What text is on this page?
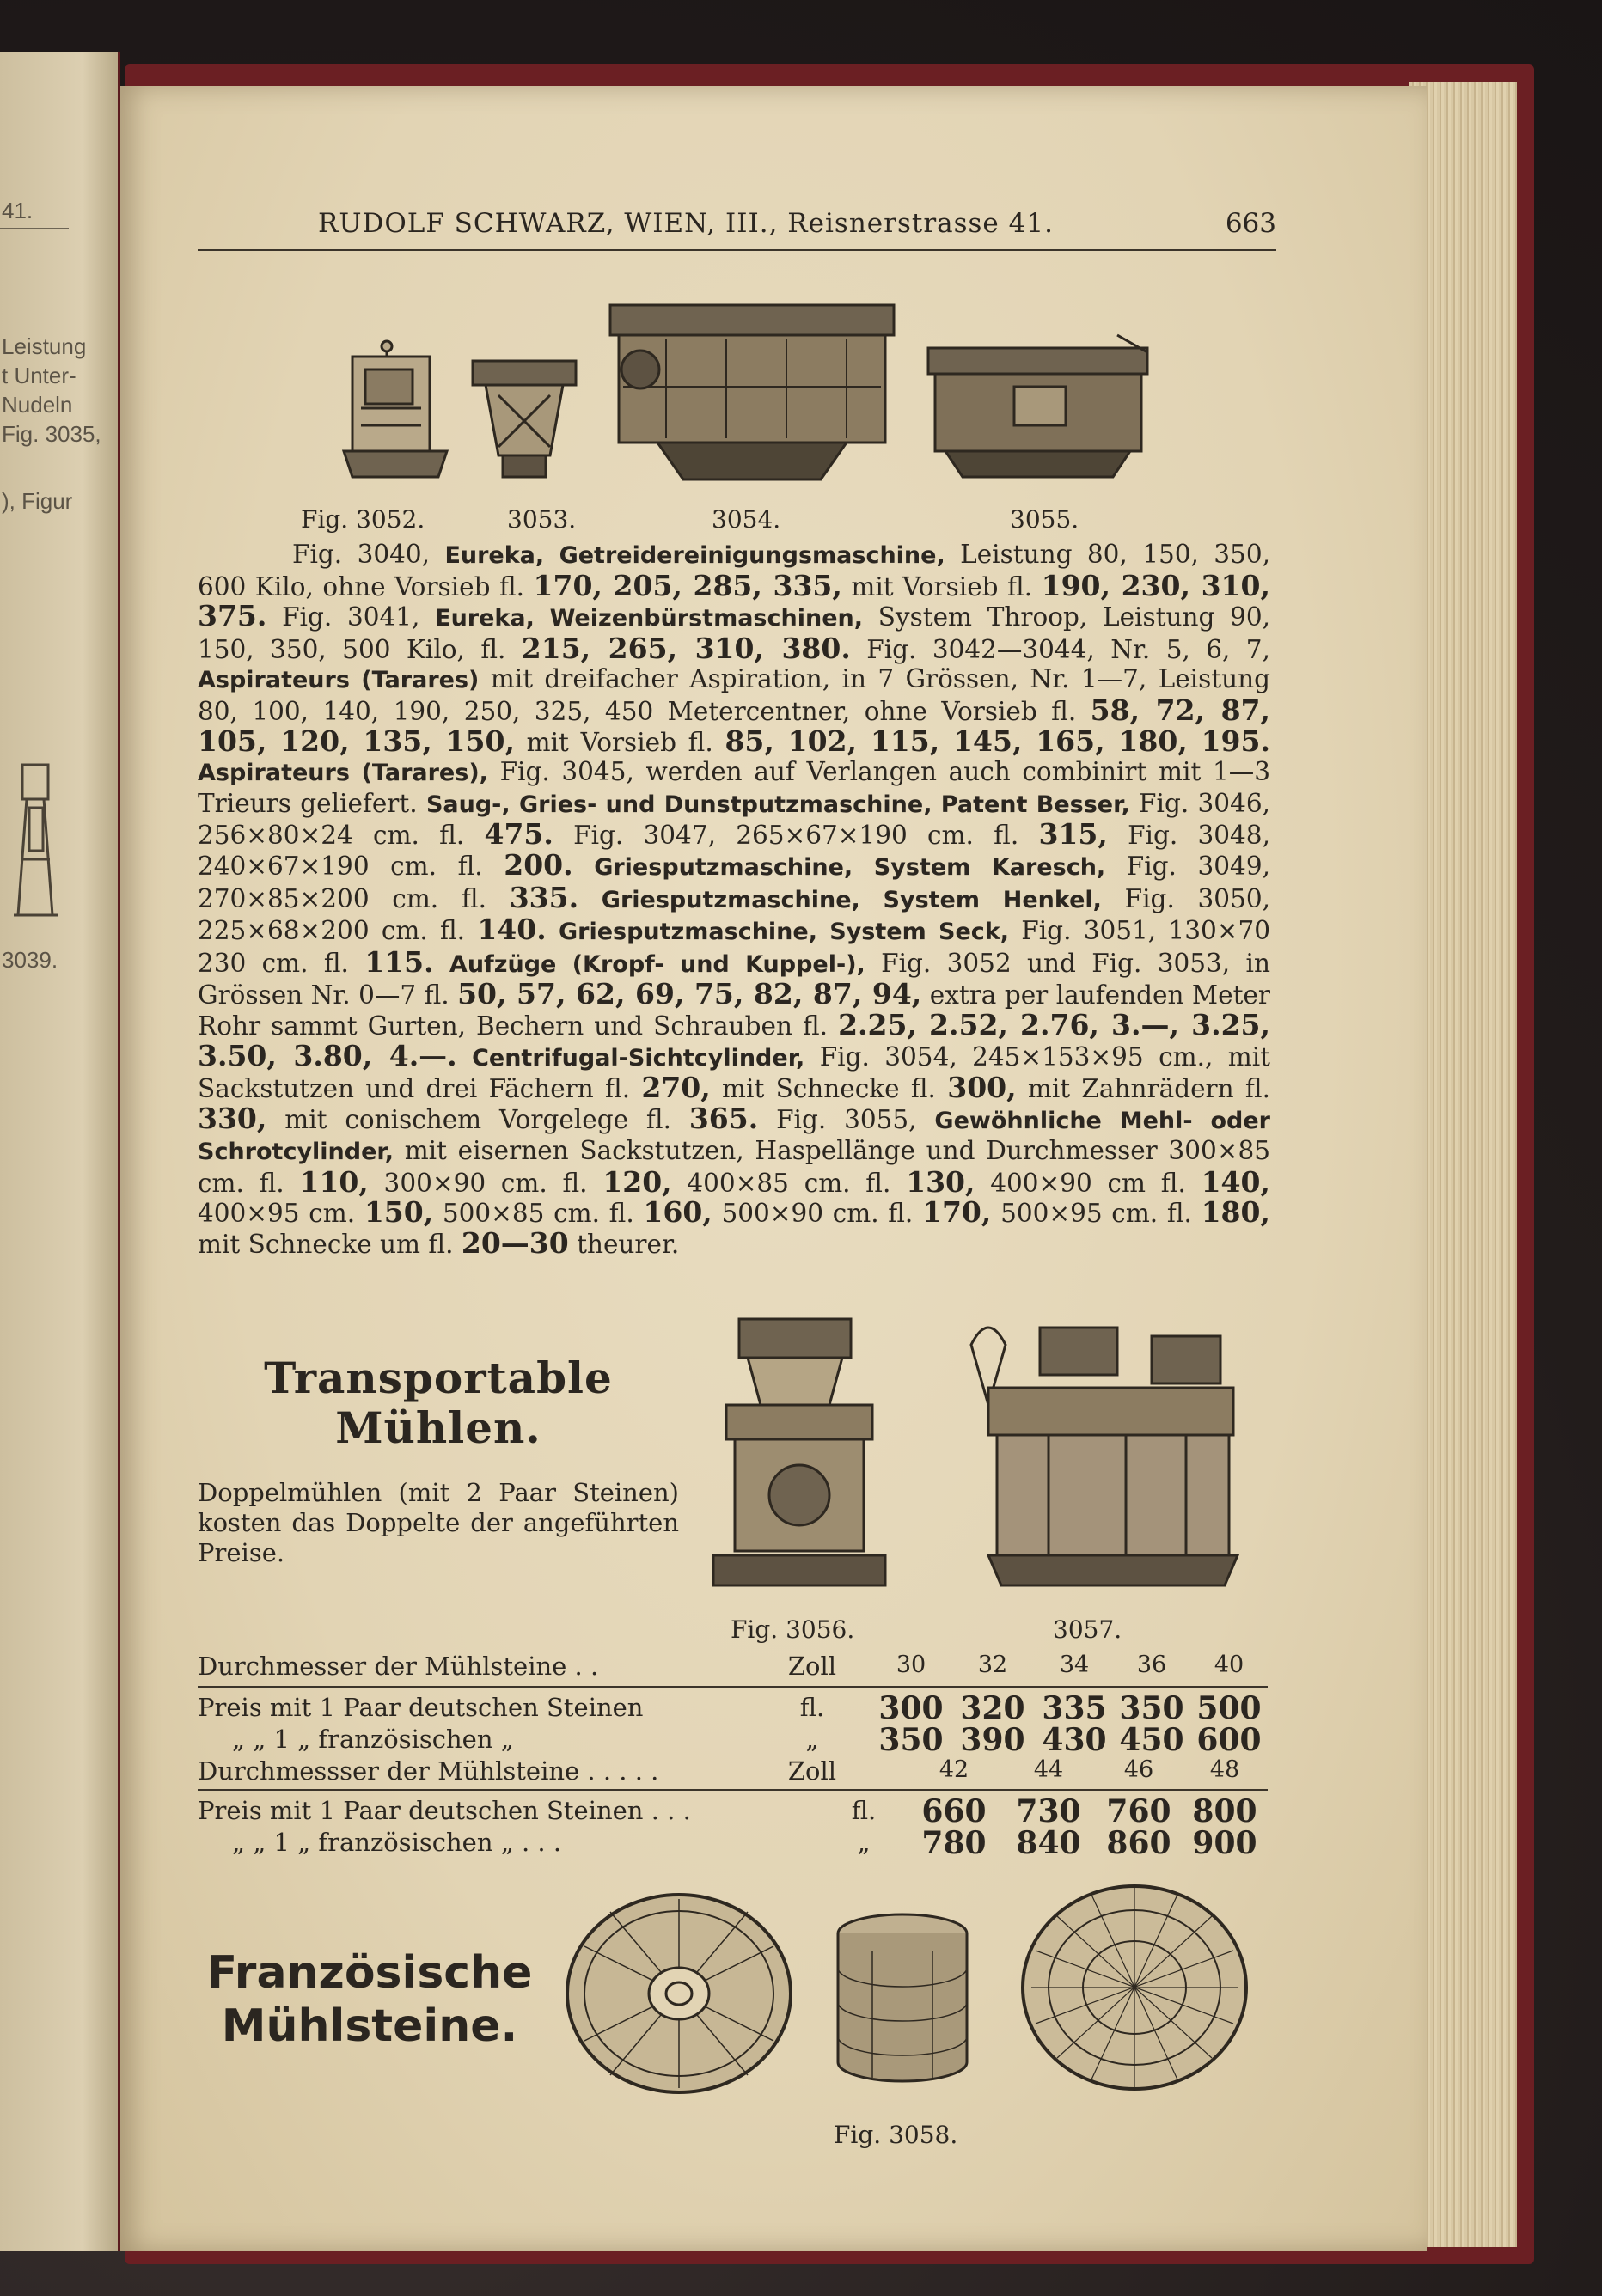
41.
Leistung
t Unter-
Nudeln
Fig. 3035,
), Figur
3039.
RUDOLF SCHWARZ, WIEN, III., Reisnerstrasse 41.	663
Fig. 3052.	3053.	3054.	3055.

Fig. 3040, Eureka, Getreidereinigungsmaschine, Leistung 80, 150, 350, 600 Kilo, ohne Vorsieb fl. 170, 205, 285, 335, mit Vorsieb fl. 190, 230, 310, 375. Fig. 3041, Eureka, Weizenbürstmaschinen, System Throop, Leistung 90, 150, 350, 500 Kilo, fl. 215, 265, 310, 380. Fig. 3042—3044, Nr. 5, 6, 7, Aspirateurs (Tarares) mit dreifacher Aspiration, in 7 Grössen, Nr. 1—7, Leistung 80, 100, 140, 190, 250, 325, 450 Metercentner, ohne Vorsieb fl. 58, 72, 87, 105, 120, 135, 150, mit Vorsieb fl. 85, 102, 115, 145, 165, 180, 195. Aspirateurs (Tarares), Fig. 3045, werden auf Verlangen auch combinirt mit 1—3 Trieurs geliefert. Saug-, Gries- und Dunstputzmaschine, Patent Besser, Fig. 3046, 256×80×24 cm. fl. 475. Fig. 3047, 265×67×190 cm. fl. 315, Fig. 3048, 240×67×190 cm. fl. 200. Griesputzmaschine, System Karesch, Fig. 3049, 270×85×200 cm. fl. 335. Griesputzmaschine, System Henkel, Fig. 3050, 225×68×200 cm. fl. 140. Griesputzmaschine, System Seck, Fig. 3051, 130×70 230 cm. fl. 115. Aufzüge (Kropf- und Kuppel-), Fig. 3052 und Fig. 3053, in Grössen Nr. 0—7 fl. 50, 57, 62, 69, 75, 82, 87, 94, extra per laufenden Meter Rohr sammt Gurten, Bechern und Schrauben fl. 2.25, 2.52, 2.76, 3.—, 3.25, 3.50, 3.80, 4.—. Centrifugal-Sichtcylinder, Fig. 3054, 245×153×95 cm., mit Sackstutzen und drei Fächern fl. 270, mit Schnecke fl. 300, mit Zahnrädern fl. 330, mit conischem Vorgelege fl. 365. Fig. 3055, Gewöhnliche Mehl- oder Schrotcylinder, mit eisernen Sackstutzen, Haspellänge und Durchmesser 300×85 cm. fl. 110, 300×90 cm. fl. 120, 400×85 cm. fl. 130, 400×90 cm fl. 140, 400×95 cm. 150, 500×85 cm. fl. 160, 500×90 cm. fl. 170, 500×95 cm. fl. 180, mit Schnecke um fl. 20—30 theurer.

Transportable
Mühlen.
Doppelmühlen (mit 2 Paar Steinen) kosten das Doppelte der angeführten Preise.
Fig. 3056.	3057.
Durchmesser der Mühlsteine . .	Zoll	30	32	34	36	40
Preis mit 1 Paar deutschen Steinen	fl.	300 320 335 350 500
„ „ 1 „ französischen „	„	350 390 430 450 600
Durchmessser der Mühlsteine . . . . .	Zoll	42	44	46	48
Preis mit 1 Paar deutschen Steinen . . .	fl.	660 730 760 800
„ „ 1 „ französischen „ . . .	„	780 840 860 900
Französische
Mühlsteine.
Fig. 3058.
